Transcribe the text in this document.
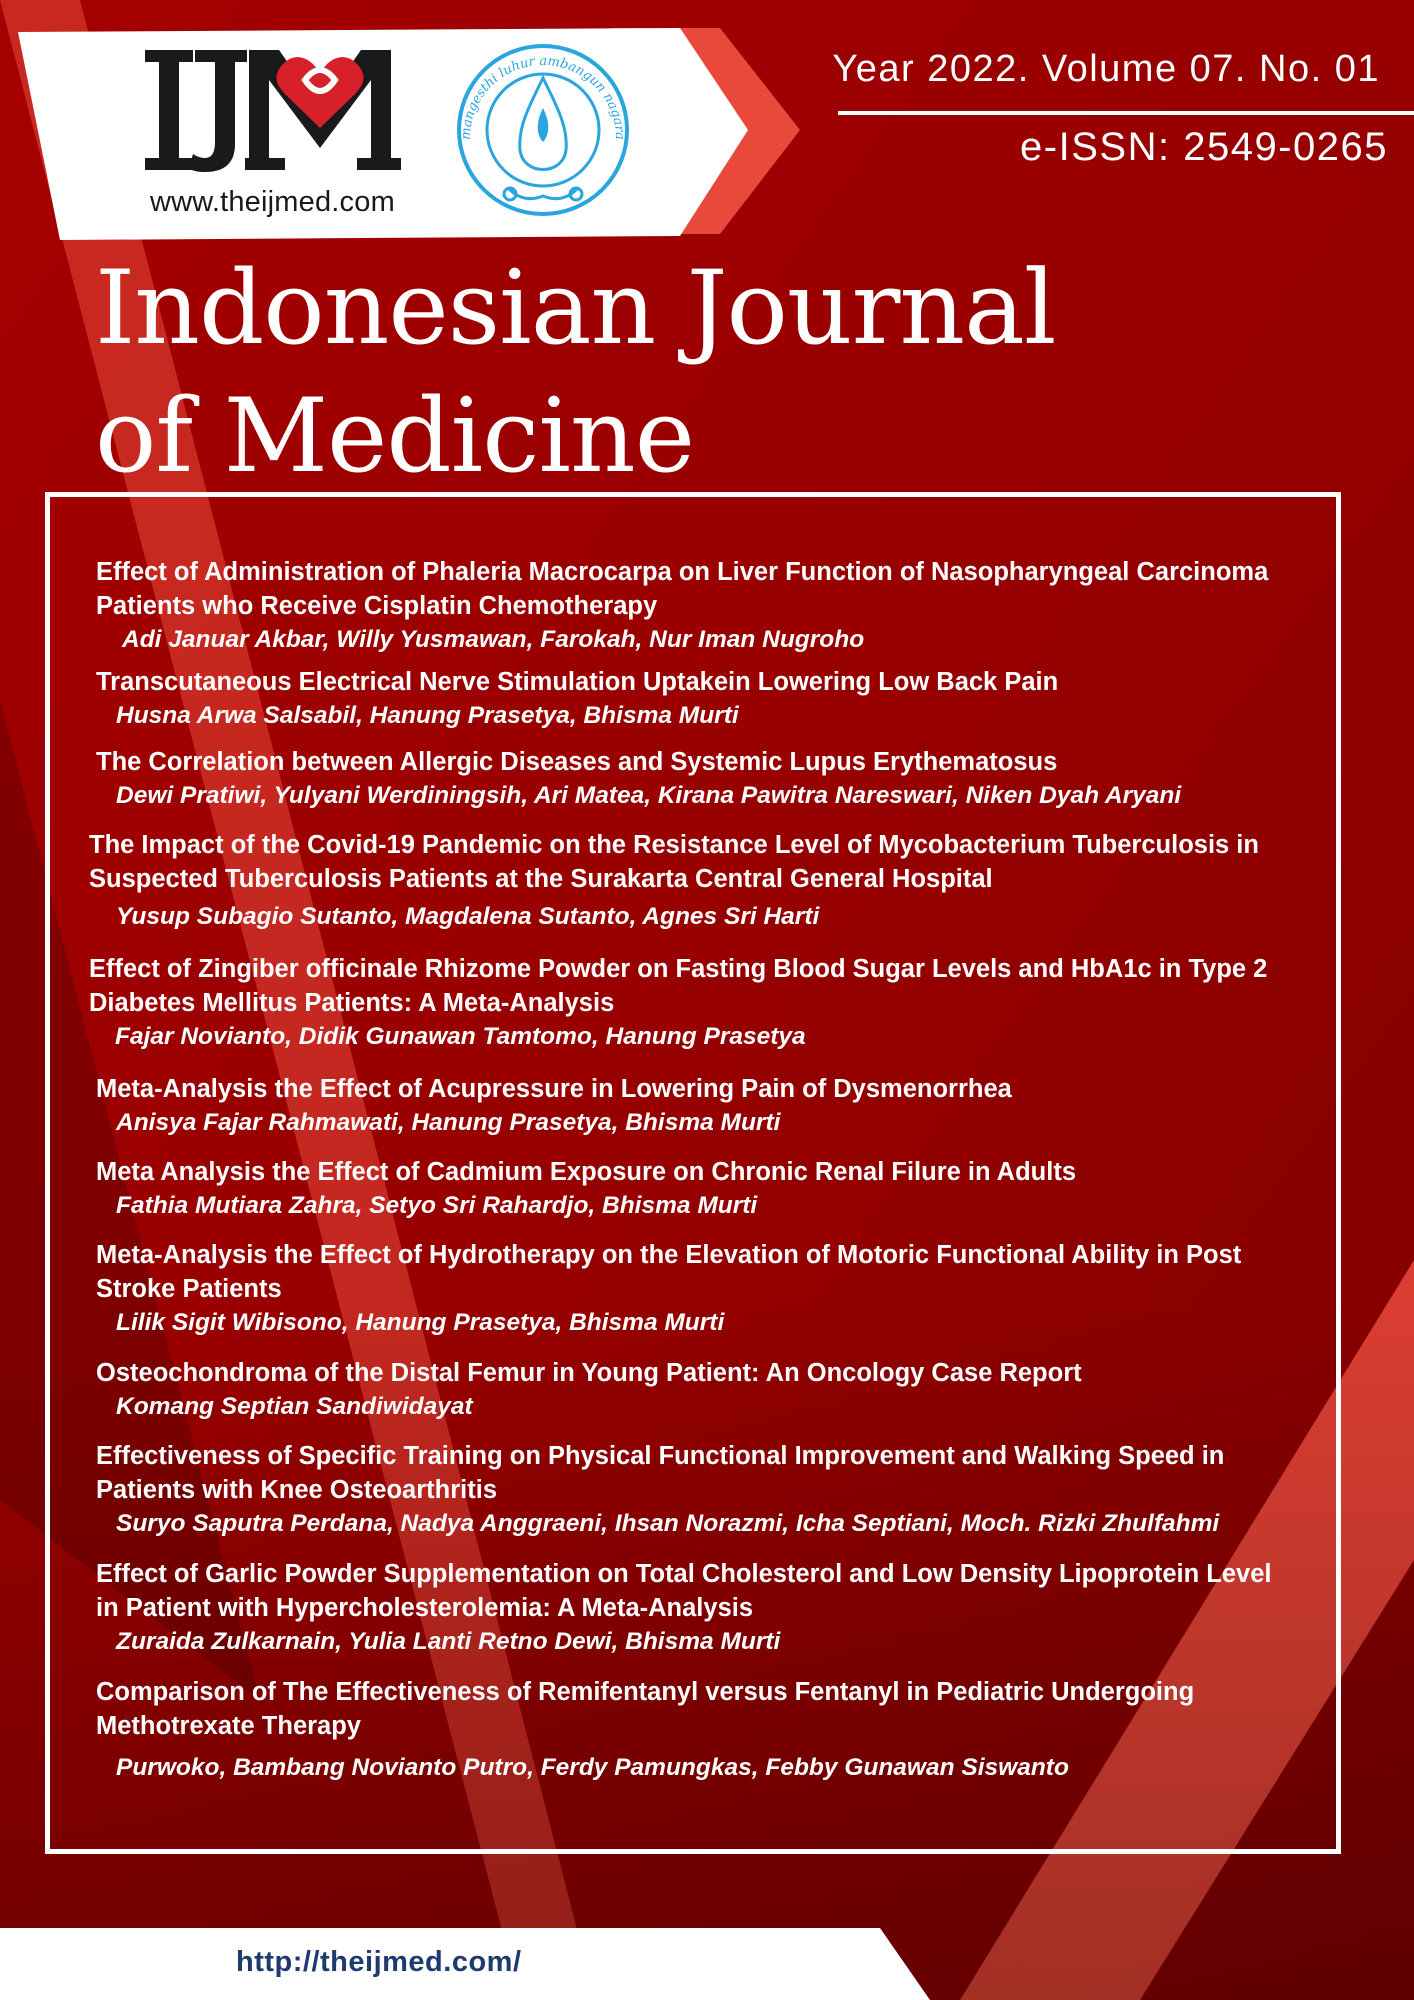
www.theijmed.com
mangesthi luhur ambangun nagara
Year 2022. Volume 07. No. 01
e-ISSN: 2549-0265
Indonesian Journal
of Medicine
Effect of Administration of Phaleria Macrocarpa on Liver Function of Nasopharyngeal Carcinoma
Patients who Receive Cisplatin Chemotherapy
Adi Januar Akbar, Willy Yusmawan, Farokah, Nur Iman Nugroho
Transcutaneous Electrical Nerve Stimulation Uptakein Lowering Low Back Pain
Husna Arwa Salsabil, Hanung Prasetya, Bhisma Murti
The Correlation between Allergic Diseases and Systemic Lupus Erythematosus
Dewi Pratiwi, Yulyani Werdiningsih, Ari Matea, Kirana Pawitra Nareswari, Niken Dyah Aryani
The Impact of the Covid-19 Pandemic on the Resistance Level of Mycobacterium Tuberculosis in
Suspected Tuberculosis Patients at the Surakarta Central General Hospital
Yusup Subagio Sutanto, Magdalena Sutanto, Agnes Sri Harti
Effect of Zingiber officinale Rhizome Powder on Fasting Blood Sugar Levels and HbA1c in Type 2
Diabetes Mellitus Patients: A Meta-Analysis
Fajar Novianto, Didik Gunawan Tamtomo, Hanung Prasetya
Meta-Analysis the Effect of Acupressure in Lowering Pain of Dysmenorrhea
Anisya Fajar Rahmawati, Hanung Prasetya, Bhisma Murti
Meta Analysis the Effect of Cadmium Exposure on Chronic Renal Filure in Adults
Fathia Mutiara Zahra, Setyo Sri Rahardjo, Bhisma Murti
Meta-Analysis the Effect of Hydrotherapy on the Elevation of Motoric Functional Ability in Post
Stroke Patients
Lilik Sigit Wibisono, Hanung Prasetya, Bhisma Murti
Osteochondroma of the Distal Femur in Young Patient: An Oncology Case Report
Komang Septian Sandiwidayat
Effectiveness of Specific Training on Physical Functional Improvement and Walking Speed in
Patients with Knee Osteoarthritis
Suryo Saputra Perdana, Nadya Anggraeni, Ihsan Norazmi, Icha Septiani, Moch. Rizki Zhulfahmi
Effect of Garlic Powder Supplementation on Total Cholesterol and Low Density Lipoprotein Level
in Patient with Hypercholesterolemia: A Meta-Analysis
Zuraida Zulkarnain, Yulia Lanti Retno Dewi, Bhisma Murti
Comparison of The Effectiveness of Remifentanyl versus Fentanyl in Pediatric Undergoing
Methotrexate Therapy
Purwoko, Bambang Novianto Putro, Ferdy Pamungkas, Febby Gunawan Siswanto
http://theijmed.com/
